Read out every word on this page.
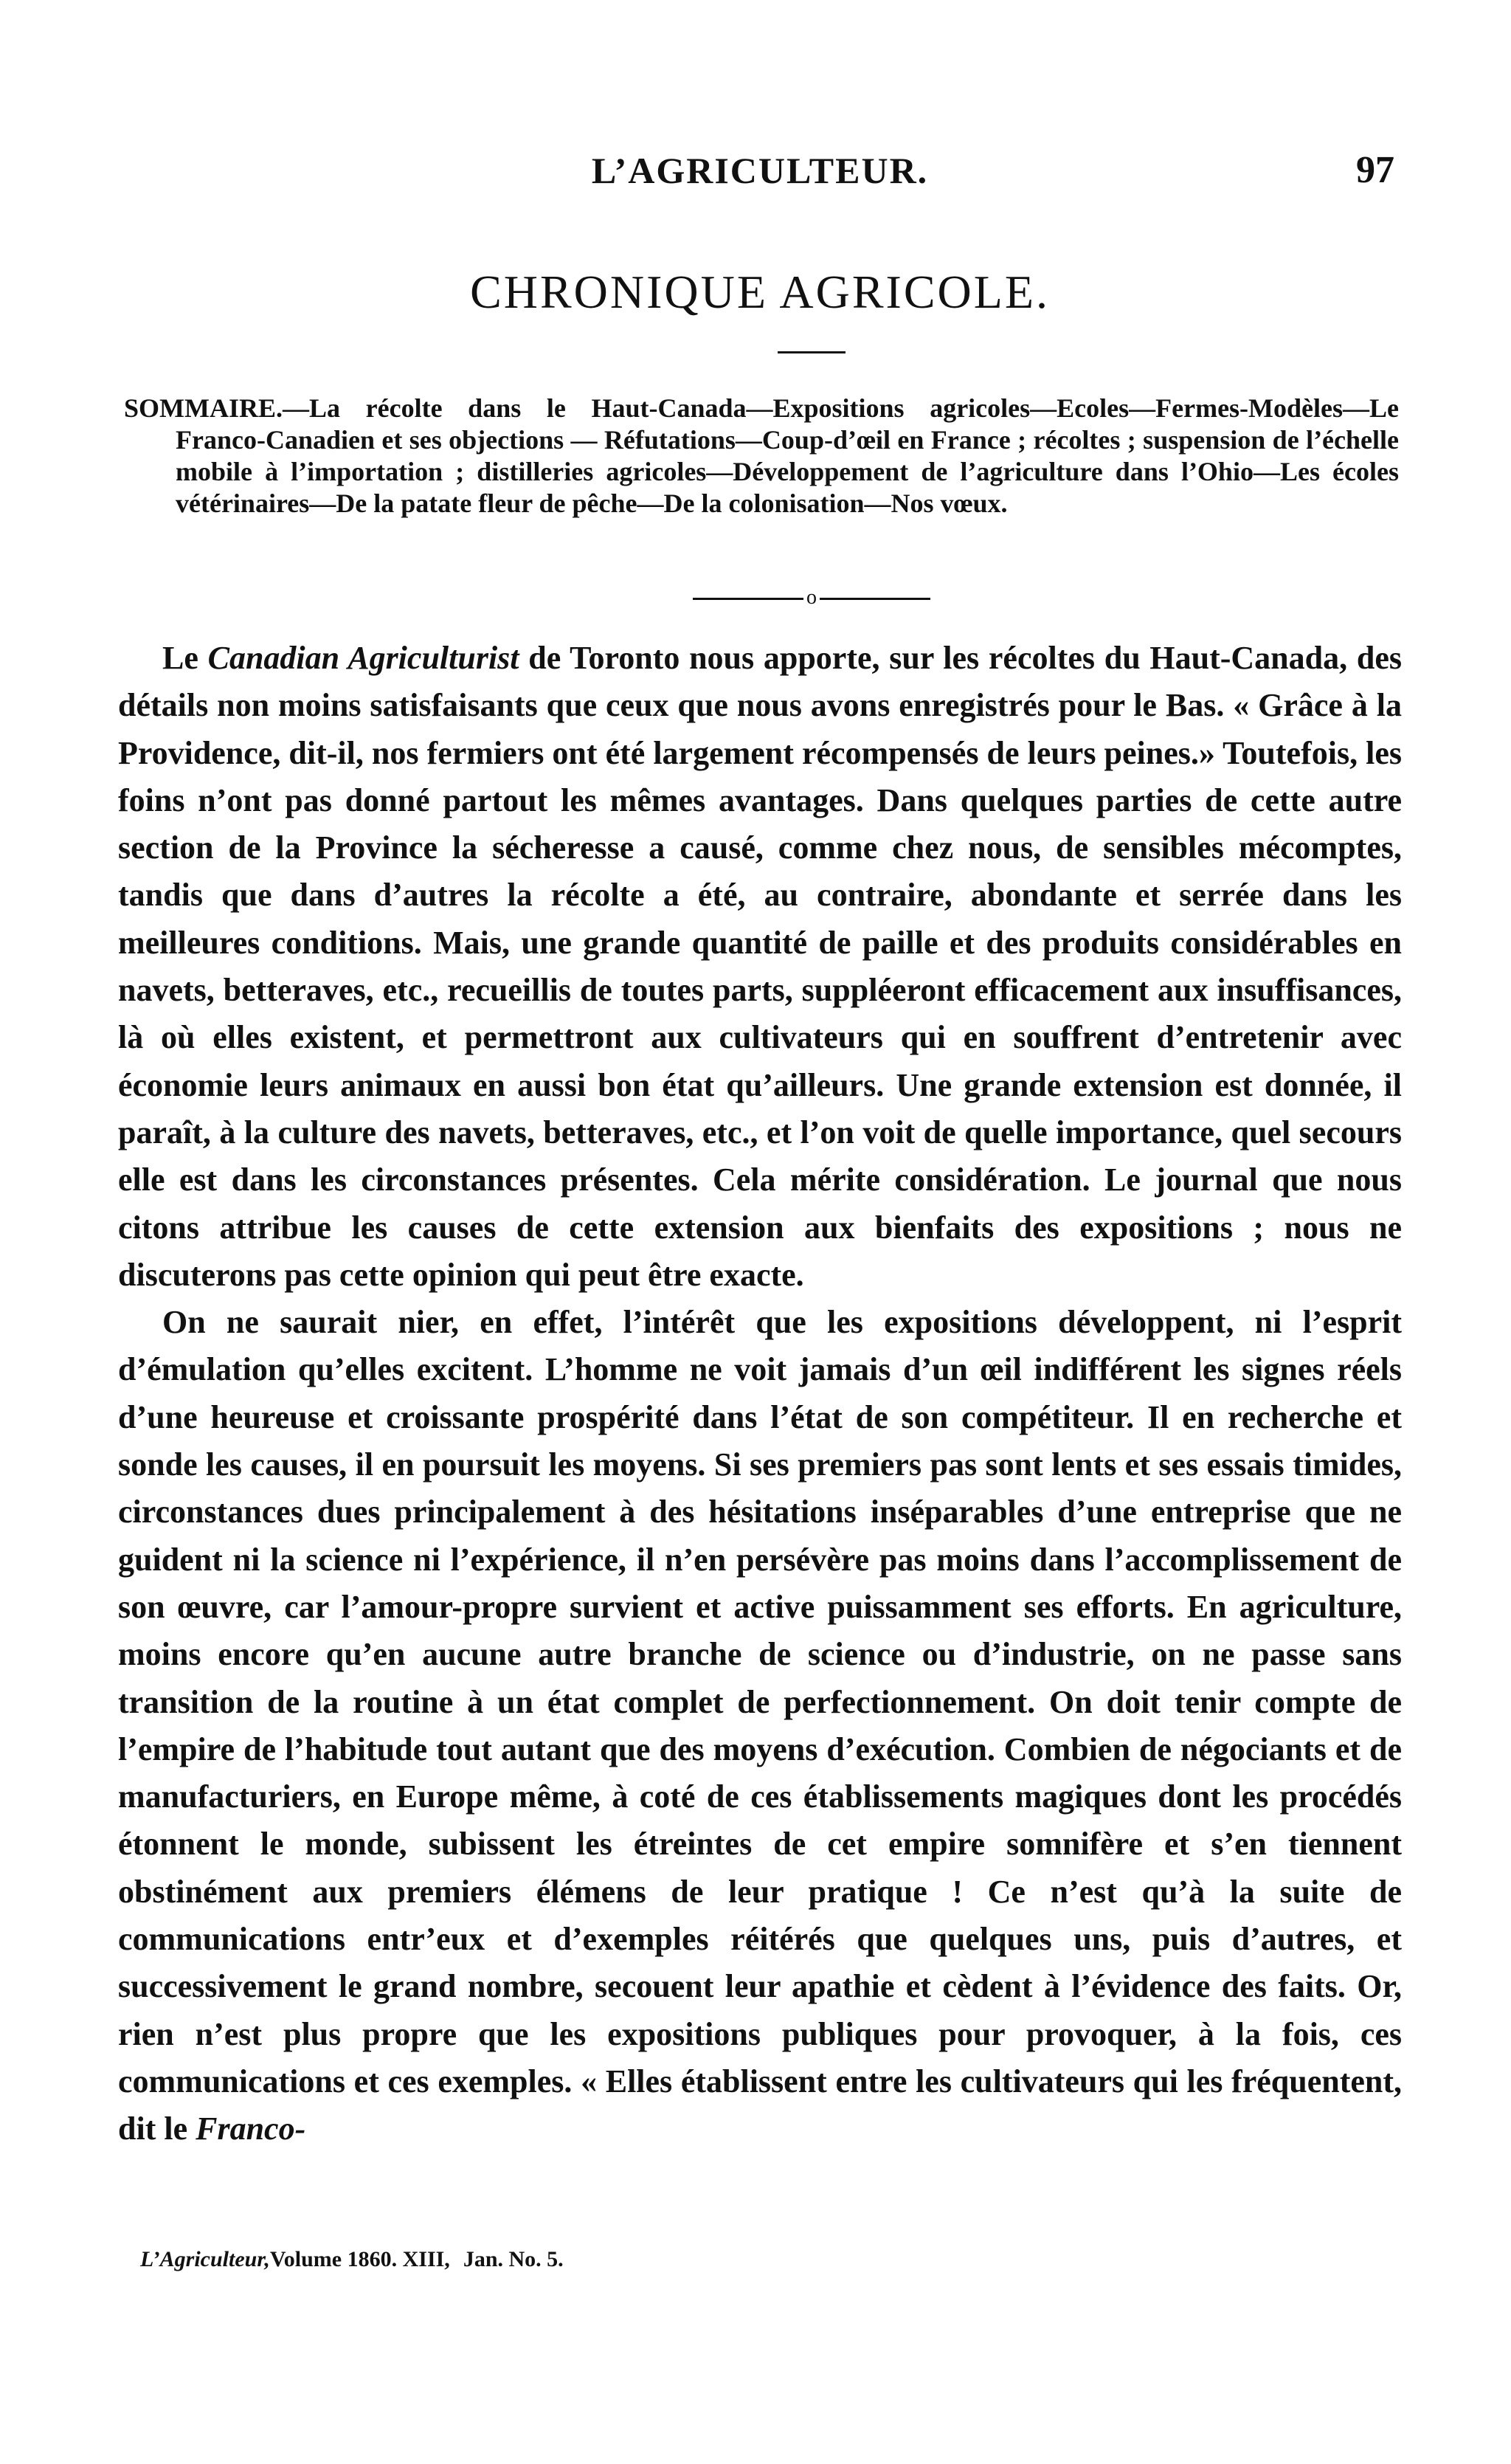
L’AGRICULTEUR.	97
CHRONIQUE AGRICOLE.
SOMMAIRE.—La récolte dans le Haut-Canada—Expositions agricoles—Ecoles—Fermes-Modèles—Le Franco-Canadien et ses objections — Réfutations—Coup-d’œil en France ; récoltes ; suspension de l’échelle mobile à l’importation ; distilleries agricoles—Développement de l’agriculture dans l’Ohio—Les écoles vétérinaires—De la patate fleur de pêche—De la colonisation—Nos vœux.
o

Le Canadian Agriculturist de Toronto nous apporte, sur les récoltes du Haut-Canada, des détails non moins satisfaisants que ceux que nous avons enregistrés pour le Bas. « Grâce à la Providence, dit-il, nos fermiers ont été largement récompensés de leurs peines.» Toutefois, les foins n’ont pas donné partout les mêmes avantages. Dans quelques parties de cette autre section de la Province la sécheresse a causé, comme chez nous, de sensibles mécomptes, tandis que dans d’autres la récolte a été, au contraire, abondante et serrée dans les meilleures conditions. Mais, une grande quantité de paille et des produits considérables en navets, betteraves, etc., recueillis de toutes parts, suppléeront efficacement aux insuffisances, là où elles existent, et permettront aux cultivateurs qui en souffrent d’entretenir avec économie leurs animaux en aussi bon état qu’ailleurs. Une grande extension est donnée, il paraît, à la culture des navets, betteraves, etc., et l’on voit de quelle importance, quel secours elle est dans les circonstances présentes. Cela mérite considération. Le journal que nous citons attribue les causes de cette extension aux bienfaits des expositions ; nous ne discuterons pas cette opinion qui peut être exacte.

On ne saurait nier, en effet, l’intérêt que les expositions développent, ni l’esprit d’émulation qu’elles excitent. L’homme ne voit jamais d’un œil indifférent les signes réels d’une heureuse et croissante prospérité dans l’état de son compétiteur. Il en recherche et sonde les causes, il en poursuit les moyens. Si ses premiers pas sont lents et ses essais timides, circonstances dues principalement à des hésitations inséparables d’une entreprise que ne guident ni la science ni l’expérience, il n’en persévère pas moins dans l’accomplissement de son œuvre, car l’amour-propre survient et active puissamment ses efforts. En agriculture, moins encore qu’en aucune autre branche de science ou d’industrie, on ne passe sans transition de la routine à un état complet de perfectionnement. On doit tenir compte de l’empire de l’habitude tout autant que des moyens d’exécution. Combien de négociants et de manufacturiers, en Europe même, à coté de ces établissements magiques dont les procédés étonnent le monde, subissent les étreintes de cet empire somnifère et s’en tiennent obstinément aux premiers élémens de leur pratique ! Ce n’est qu’à la suite de communications entr’eux et d’exemples réitérés que quelques uns, puis d’autres, et successivement le grand nombre, secouent leur apathie et cèdent à l’évidence des faits. Or, rien n’est plus propre que les expositions publiques pour provoquer, à la fois, ces communications et ces exemples. « Elles établissent entre les cultivateurs qui les fréquentent, dit le Franco-

L’Agriculteur,Volume 1860. XIII, Jan. No. 5.
